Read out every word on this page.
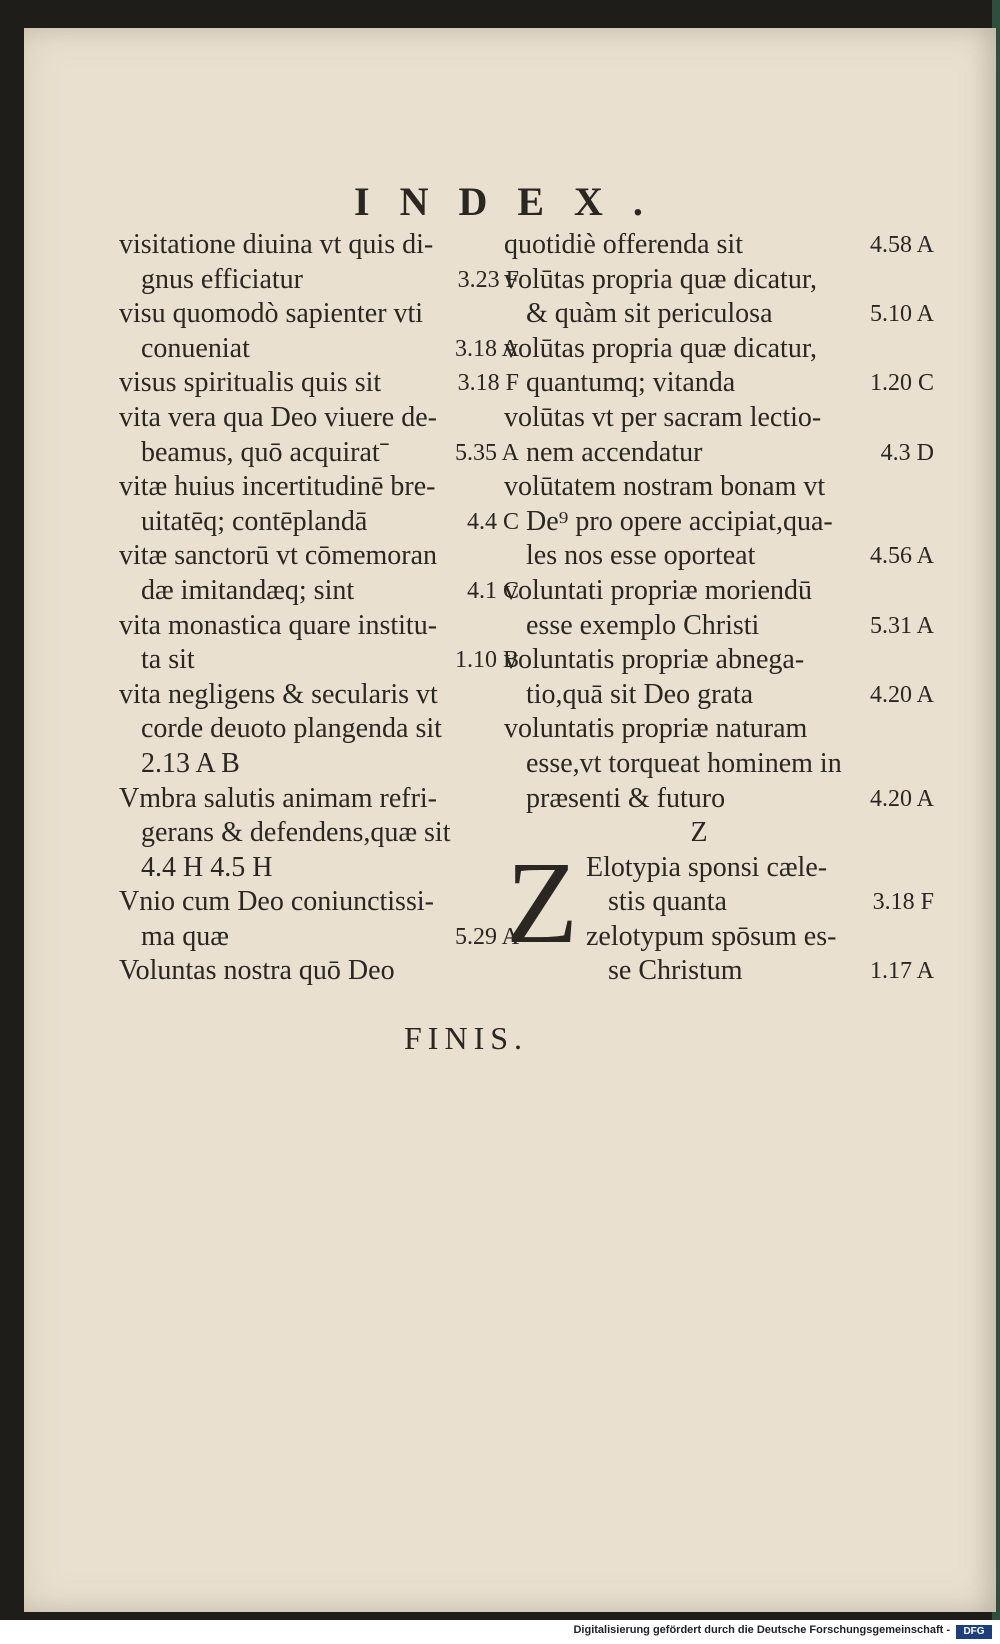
INDEX.
visitatione diuina vt quis di-
gnus efficiatur	3.23 F
visu quomodò sapienter vti
conueniat	3.18 A
visus spiritualis quis sit	3.18 F
vita vera qua Deo viuere de-
beamus, quō acquiratˉ	5.35 A
vitæ huius incertitudinē bre-
uitatēq; contēplandā	4.4 C
vitæ sanctorū vt cōmemoran
dæ imitandæq; sint	4.1 C
vita monastica quare institu-
ta sit	1.10 B
vita negligens & secularis vt
corde deuoto plangenda sit
2.13 A B
Vmbra salutis animam refri-
gerans & defendens,quæ sit
4.4 H 4.5 H
Vnio cum Deo coniunctissi-
ma quæ	5.29 A
Voluntas nostra quō Deo
quotidiè offerenda sit	4.58 A
volūtas propria quæ dicatur,
& quàm sit periculosa	5.10 A
volūtas propria quæ dicatur,
quantumq; vitanda	1.20 C
volūtas vt per sacram lectio-
nem accendatur	4.3 D
volūtatem nostram bonam vt
De⁹ pro opere accipiat,qua-
les nos esse oporteat	4.56 A
voluntati propriæ moriendū
esse exemplo Christi	5.31 A
voluntatis propriæ abnega-
tio,quā sit Deo grata	4.20 A
voluntatis propriæ naturam
esse,vt torqueat hominem in
præsenti & futuro	4.20 A
Z
Z Elotypia sponsi cæle-
stis quanta	3.18 F
zelotypum spōsum es-
se Christum	1.17 A
FINIS.
Digitalisierung gefördert durch die Deutsche Forschungsgemeinschaft -	DFG
